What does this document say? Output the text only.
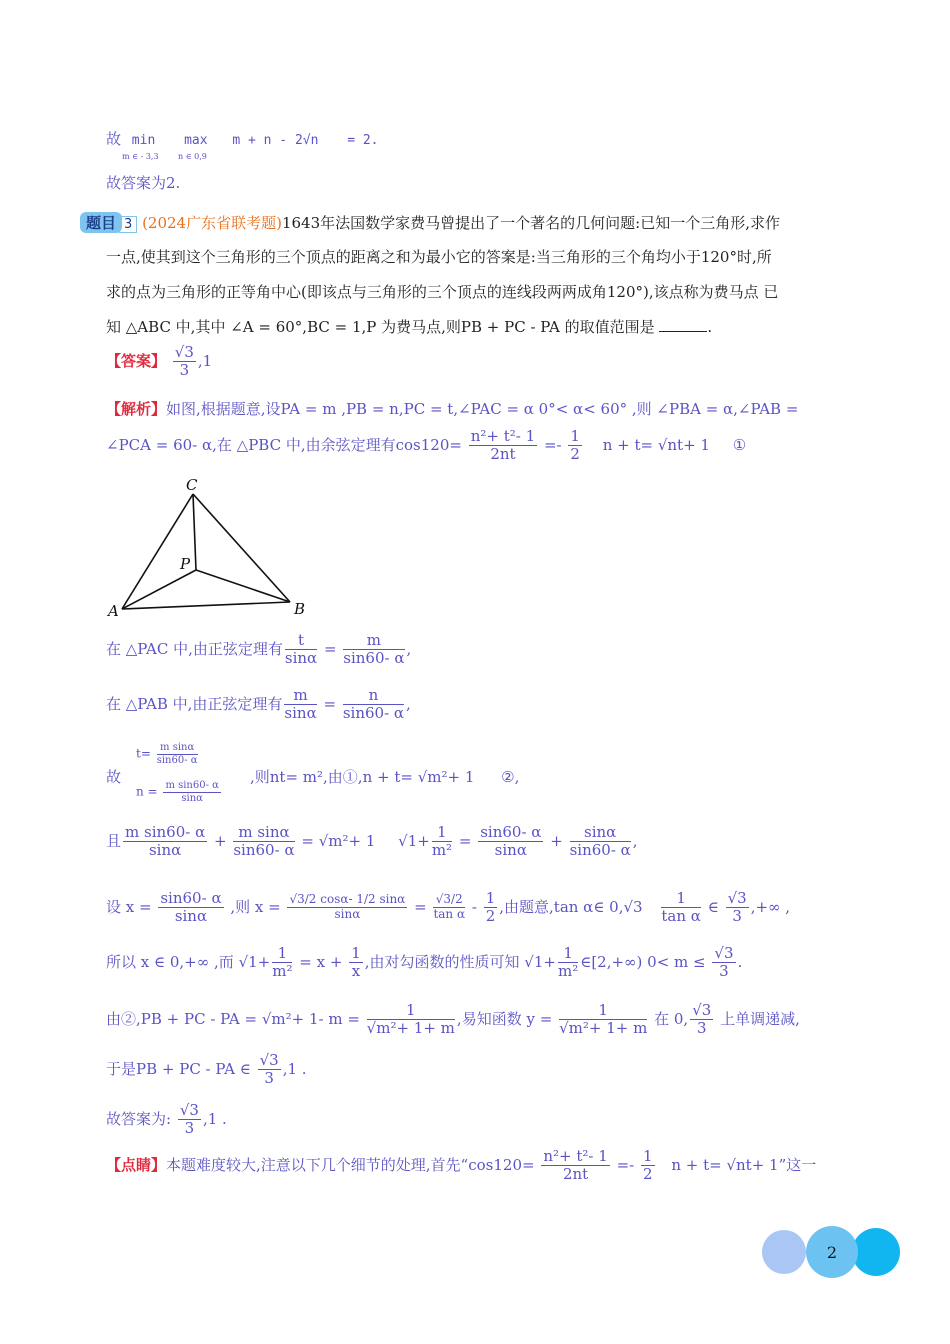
故 min max m + n - 2√n = 2.
m ∈ - 3,3 n ∈ 0,9
故答案为2.
题目 3 (2024广东省联考题)1643年法国数学家费马曾提出了一个著名的几何问题:已知一个三角形,求作
一点,使其到这个三角形的三个顶点的距离之和为最小它的答案是:当三角形的三个角均小于120°时,所
求的点为三角形的正等角中心(即该点与三角形的三个顶点的连线段两两成角120°),该点称为费马点 已
知 △ABC 中,其中 ∠A = 60°,BC = 1,P 为费马点,则PB + PC - PA 的取值范围是	.
【答案】 $\frac{√3}{3} ,1$
【解析】如图,根据题意,设PA = m ,PB = n,PC = t,∠PAC = α 0°< α< 60° ,则 ∠PBA = α,∠PAB =
∠PCA = 60- α,在 △PBC 中,由余弦定理有$\cos 120= \frac{\text{n²+ t²- 1}}{2nt} =- \frac{1}{2}$ n + t= √nt+ 1 ①
C
P
A	B
在 △PAC 中,由正弦定理有 $\frac{t}{\sin\alpha} = \frac{m}{\sin 60- \alpha}$ ,
在 △PAB 中,由正弦定理有 $\frac{m}{\sin\alpha} = \frac{n}{\sin 60- \alpha}$ ,
故
$t= \frac{\text{m sinα}}{\sin 60- \alpha}$
$n = \frac{\text{m sin60- α}}{\sin\alpha}$
,则nt= m²,由①,n + t= √m²+ 1 ②,
且 $\frac{\text{m sin60- α}}{\sin\alpha} + \frac{\text{m sinα}}{\sin 60- \alpha} = √m^2+ 1$ $√1+ \frac{1}{\text{m²}} = \frac{\sin 60- \alpha}{\sin\alpha} + \frac{\sin\alpha}{\sin 60- \alpha}$ ,
设 $x = \frac{\sin 60- \alpha}{\sin\alpha}$ ,则 $x = \frac{√3/2 \cos\alpha- 1/2 \sin\alpha}{\sin\alpha} = \frac{√3/2}{\text{tan α}} - \frac{1}{2}$ ,由题意,tan α∈ $0,√3 \frac{1}{\text{tan α}}$ ∈ $\frac{√3}{3}$ ,+∞ ,
所以 x ∈ 0,+∞ ,而 $√1+ \frac{1}{\text{m²}} = x + \frac{1}{x}$ ,由对勾函数的性质可知 $√1+ \frac{1}{\text{m²}}$ ∈[2,+∞) $0< m \le \frac{√3}{3}$ .
由②,PB + PC - PA = √m²+ 1- $m = \frac{1}{\text{√m²+ 1+ m}}$ ,易知函数 $y = \frac{1}{\text{√m²+ 1+ m}}$ 在 0, $\frac{√3}{3}$ 上单调递减,
于是PB + PC - PA ∈ $\frac{√3}{3} ,1$ .
故答案为: $\frac{√3}{3} ,1$ .
【点睛】本题难度较大,注意以下几个细节的处理,首先“$\cos 120= \frac{\text{n²+ t²- 1}}{2nt} =- \frac{1}{2}$ n + t= √nt+ 1”这一
2
